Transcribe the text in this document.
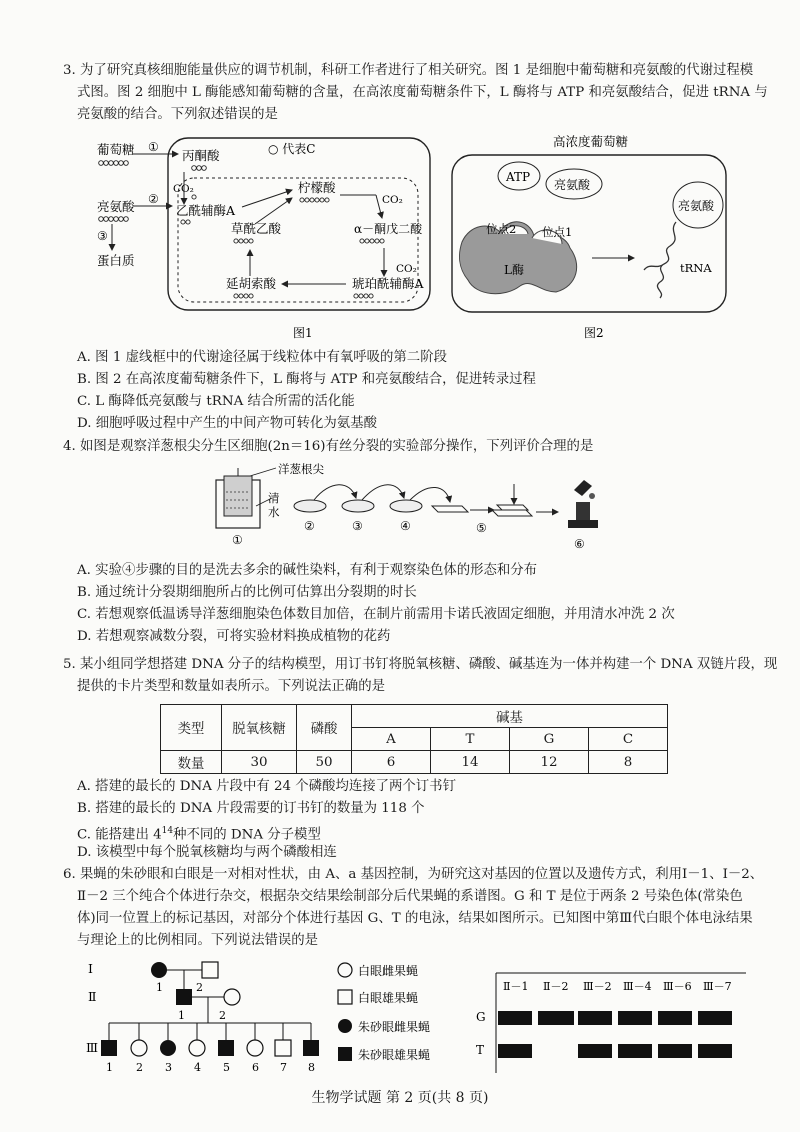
3. 为了研究真核细胞能量供应的调节机制，科研工作者进行了相关研究。图 1 是细胞中葡萄糖和亮氨酸的代谢过程模
式图。图 2 细胞中 L 酶能感知葡萄糖的含量，在高浓度葡萄糖条件下，L 酶将与 ATP 和亮氨酸结合，促进 tRNA 与
亮氨酸的结合。下列叙述错误的是
葡萄糖 ①
亮氨酸 ②
③
蛋白质
丙酮酸	○ 代表C
CO₂
乙酰辅酶A
柠檬酸
CO₂
草酰乙酸	α－酮戊二酸
CO₂
琥珀酰辅酶A
延胡索酸
图1
高浓度葡萄糖
ATP
亮氨酸
位点2 位点1
L酶
亮氨酸
tRNA
图2
A. 图 1 虚线框中的代谢途径属于线粒体中有氧呼吸的第二阶段
B. 图 2 在高浓度葡萄糖条件下，L 酶将与 ATP 和亮氨酸结合，促进转录过程
C. L 酶降低亮氨酸与 tRNA 结合所需的活化能
D. 细胞呼吸过程中产生的中间产物可转化为氨基酸
4. 如图是观察洋葱根尖分生区细胞(2n＝16)有丝分裂的实验部分操作，下列评价合理的是
洋葱根尖
清
水
①
②	③	④	⑤
⑥
A. 实验④步骤的目的是洗去多余的碱性染料，有利于观察染色体的形态和分布
B. 通过统计分裂期细胞所占的比例可估算出分裂期的时长
C. 若想观察低温诱导洋葱细胞染色体数目加倍，在制片前需用卡诺氏液固定细胞，并用清水冲洗 2 次
D. 若想观察减数分裂，可将实验材料换成植物的花药
5. 某小组同学想搭建 DNA 分子的结构模型，用订书钉将脱氧核糖、磷酸、碱基连为一体并构建一个 DNA 双链片段，现
提供的卡片类型和数量如表所示。下列说法正确的是
类型	脱氧核糖	磷酸	碱基			
			A	T	G	C
数量	30	50	6	14	12	8
A. 搭建的最长的 DNA 片段中有 24 个磷酸均连接了两个订书钉
B. 搭建的最长的 DNA 片段需要的订书钉的数量为 118 个
C. 能搭建出 $4^{14}$种不同的 DNA 分子模型
D. 该模型中每个脱氧核糖均与两个磷酸相连
6. 果蝇的朱砂眼和白眼是一对相对性状，由 A、a 基因控制，为研究这对基因的位置以及遗传方式，利用Ⅰ－1、Ⅰ－2、
Ⅱ－2 三个纯合个体进行杂交，根据杂交结果绘制部分后代果蝇的系谱图。G 和 T 是位于两条 2 号染色体(常染色
体)同一位置上的标记基因，对部分个体进行基因 G、T 的电泳，结果如图所示。已知图中第Ⅲ代白眼个体电泳结果
与理论上的比例相同。下列说法错误的是
Ⅰ
Ⅱ
Ⅲ
1	2
1	2
1 2 3 4 5 6 7 8
白眼雌果蝇
白眼雄果蝇
朱砂眼雌果蝇
朱砂眼雄果蝇
Ⅱ－1 Ⅱ－2 Ⅲ－2 Ⅲ－4 Ⅲ－6 Ⅲ－7
G
T
生物学试题 第 2 页(共 8 页)
